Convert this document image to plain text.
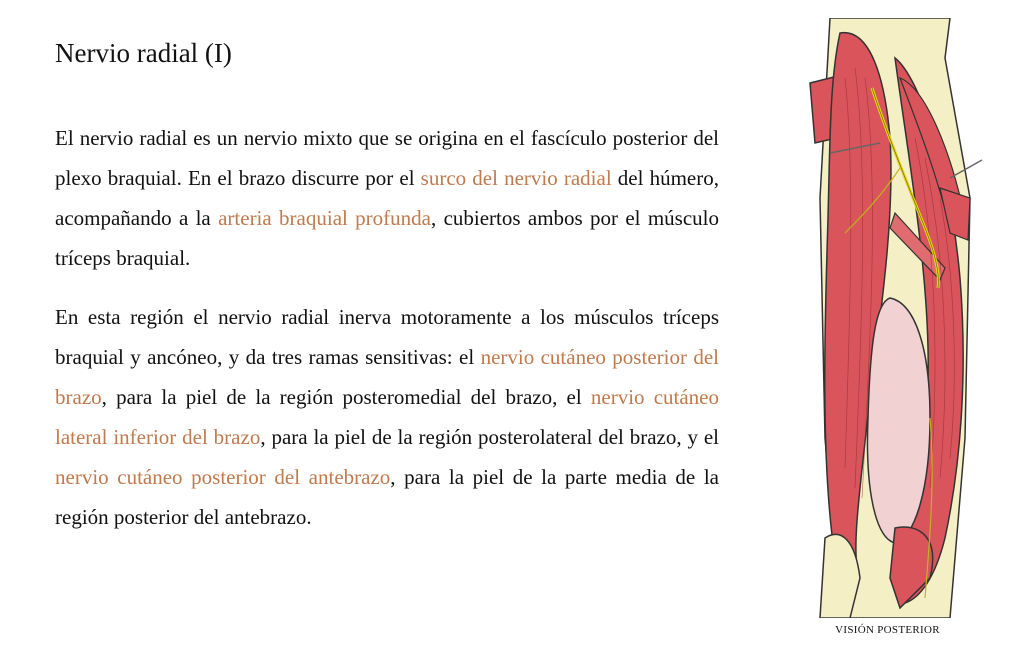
Nervio radial (I)

El nervio radial es un nervio mixto que se origina en el fascículo posterior del plexo braquial. En el brazo discurre por el surco del nervio radial del húmero, acompañando a la arteria braquial profunda, cubiertos ambos por el músculo tríceps braquial.

En esta región el nervio radial inerva motoramente a los músculos tríceps braquial y ancóneo, y da tres ramas sensitivas: el nervio cutáneo posterior del brazo, para la piel de la región posteromedial del brazo, el nervio cutáneo lateral inferior del brazo, para la piel de la región posterolateral del brazo, y el nervio cutáneo posterior del antebrazo, para la piel de la parte media de la región posterior del antebrazo.

VISIÓN POSTERIOR
